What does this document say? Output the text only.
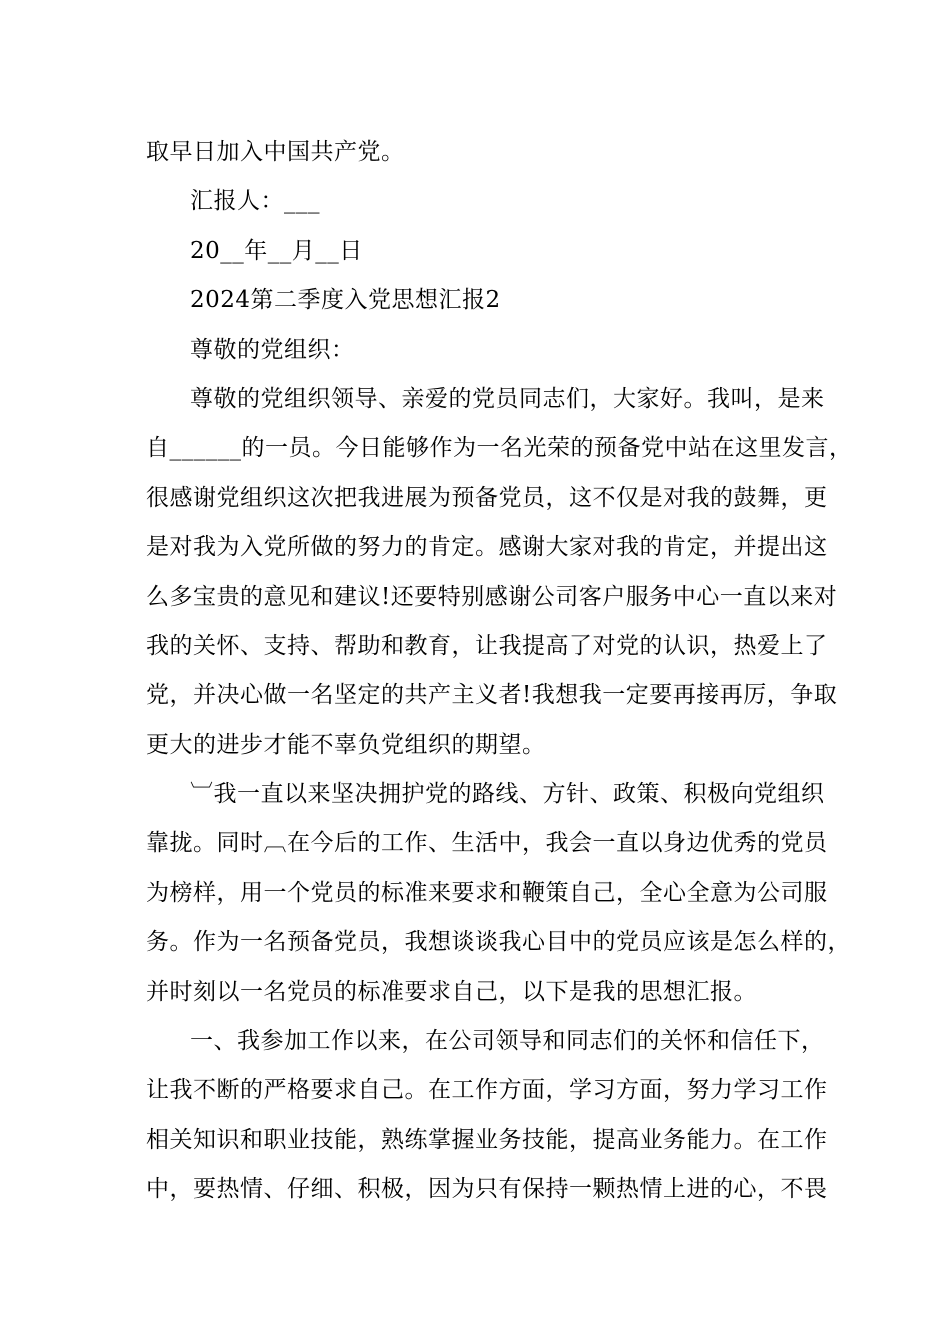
取早日加入中国共产党。
汇报人：___
20__年__月__日
2024第二季度入党思想汇报2
尊敬的党组织：
尊敬的党组织领导、亲爱的党员同志们，大家好。我叫，是来
自______的一员。今日能够作为一名光荣的预备党中站在这里发言，
很感谢党组织这次把我进展为预备党员，这不仅是对我的鼓舞，更
是对我为入党所做的努力的肯定。感谢大家对我的肯定，并提出这
么多宝贵的意见和建议!还要特别感谢公司客户服务中心一直以来对
我的关怀、支持、帮助和教育，让我提高了对党的认识，热爱上了
党，并决心做一名坚定的共产主义者!我想我一定要再接再厉，争取
更大的进步才能不辜负党组织的期望。
︺我一直以来坚决拥护党的路线、方针、政策、积极向党组织
靠拢。同时︹在今后的工作、生活中，我会一直以身边优秀的党员
为榜样，用一个党员的标准来要求和鞭策自己，全心全意为公司服
务。作为一名预备党员，我想谈谈我心目中的党员应该是怎么样的，
并时刻以一名党员的标准要求自己，以下是我的思想汇报。
一、我参加工作以来，在公司领导和同志们的关怀和信任下，
让我不断的严格要求自己。在工作方面，学习方面，努力学习工作
相关知识和职业技能，熟练掌握业务技能，提高业务能力。在工作
中，要热情、仔细、积极，因为只有保持一颗热情上进的心，不畏
